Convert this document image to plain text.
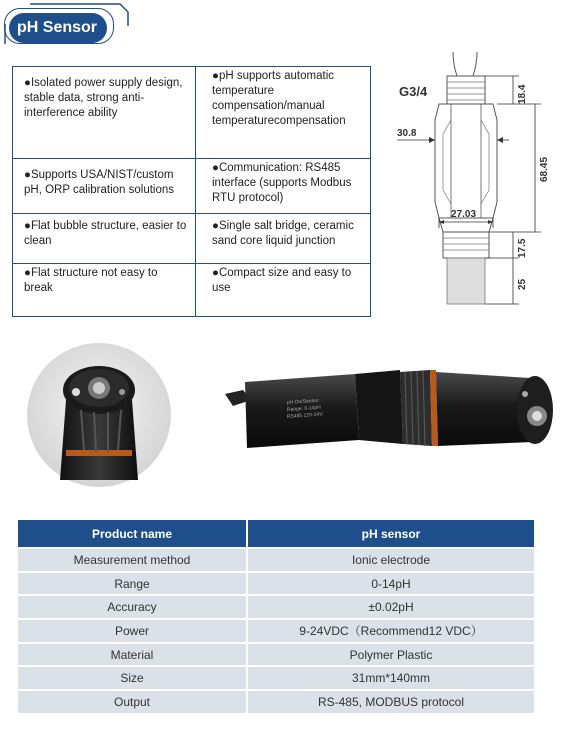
pH Sensor
●Isolated power supply design, stable data, strong anti-interference ability	●pH supports automatic temperature compensation/manual temperaturecompensation
●Supports USA/NIST/custom pH, ORP calibration solutions	●Communication: RS485 interface (supports Modbus RTU protocol)
●Flat bubble structure, easier to clean	●Single salt bridge, ceramic sand core liquid junction
●Flat structure not easy to break	●Compact size and easy to use
G3/4
30.8
27.03
18.4
68.45
17.5
25
pH On/Sensor
Range: 0-14pH
RS485 12V-24V
Product name	pH sensor
Measurement method	Ionic electrode
Range	0-14pH
Accuracy	±0.02pH
Power	9-24VDC（Recommend12 VDC）
Material	Polymer Plastic
Size	31mm*140mm
Output	RS-485, MODBUS protocol
